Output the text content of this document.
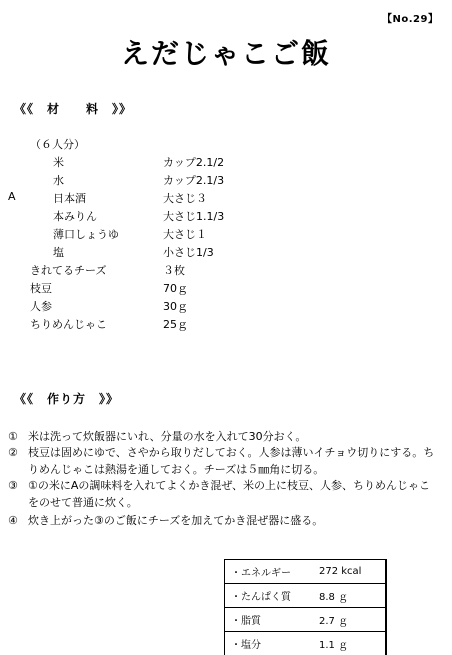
【No.29】
えだじゃこご飯
《《　材　　料　》》
（６人分）
米	カップ2.1/2
水	カップ2.1/3
A	日本酒	大さじ３
本みりん	大さじ1.1/3
薄口しょうゆ	大さじ１
塩	小さじ1/3
きれてるチーズ	３枚
枝豆	70ｇ
人参	30ｇ
ちりめんじゃこ	25ｇ
《《　作り方　》》
① 米は洗って炊飯器にいれ、分量の水を入れて30分おく。
② 枝豆は固めにゆで、さやから取りだしておく。人参は薄いイチョウ切りにする。ちりめんじゃこは熱湯を通しておく。チーズは５㎜角に切る。
③ ①の米にAの調味料を入れてよくかき混ぜ、米の上に枝豆、人参、ちりめんじゃこをのせて普通に炊く。
④ 炊き上がった③のご飯にチーズを加えてかき混ぜ器に盛る。
・エネルギー	272 kcal
・たんぱく質	8.8 ｇ
・脂質	2.7 ｇ
・塩分	1.1 ｇ
